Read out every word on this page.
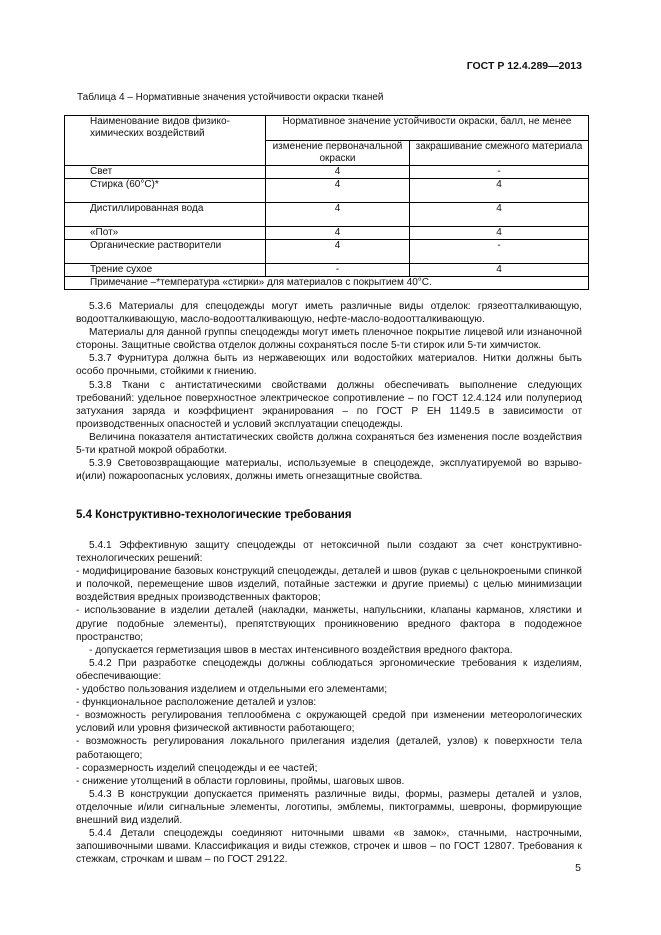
ГОСТ Р 12.4.289—2013
Таблица 4 – Нормативные значения устойчивости окраски тканей
Наименование видов физико-химических воздействий	Нормативное значение устойчивости окраски, балл, не менее	
	изменение первоначальной окраски	закрашивание смежного материала
Свет	4	-
Стирка (60°С)*	4	4
Дистиллированная вода	4	4
«Пот»	4	4
Органические растворители	4	-
Трение сухое	-	4
Примечание –*температура «стирки» для материалов с покрытием 40°С.		

5.3.6 Материалы для спецодежды могут иметь различные виды отделок: грязеотталкивающую, водоотталкивающую, масло-водоотталкивающую, нефте-масло-водоотталкивающую.

Материалы для данной группы спецодежды могут иметь пленочное покрытие лицевой или изнаночной стороны. Защитные свойства отделок должны сохраняться после 5-ти стирок или 5-ти химчисток.

5.3.7 Фурнитура должна быть из нержавеющих или водостойких материалов. Нитки должны быть особо прочными, стойкими к гниению.

5.3.8 Ткани с антистатическими свойствами должны обеспечивать выполнение следующих требований: удельное поверхностное электрическое сопротивление – по ГОСТ 12.4.124 или полупериод затухания заряда и коэффициент экранирования – по ГОСТ Р ЕН 1149.5 в зависимости от производственных опасностей и условий эксплуатации спецодежды.

Величина показателя антистатических свойств должна сохраняться без изменения после воздействия 5-ти кратной мокрой обработки.

5.3.9 Световозвращающие материалы, используемые в спецодежде, эксплуатируемой во взрыво- и(или) пожароопасных условиях, должны иметь огнезащитные свойства.

5.4 Конструктивно-технологические требования

5.4.1 Эффективную защиту спецодежды от нетоксичной пыли создают за счет конструктивно-технологических решений:

- модифицирование базовых конструкций спецодежды, деталей и швов (рукав с цельнокроеными спинкой и полочкой, перемещение швов изделий, потайные застежки и другие приемы) с целью минимизации воздействия вредных производственных факторов;

- использование в изделии деталей (накладки, манжеты, напульсники, клапаны карманов, хлястики и другие подобные элементы), препятствующих проникновению вредного фактора в пододежное пространство;

- допускается герметизация швов в местах интенсивного воздействия вредного фактора.

5.4.2 При разработке спецодежды должны соблюдаться эргономические требования к изделиям, обеспечивающие:

- удобство пользования изделием и отдельными его элементами;

- функциональное расположение деталей и узлов:

- возможность регулирования теплообмена с окружающей средой при изменении метеорологических условий или уровня физической активности работающего;

- возможность регулирования локального прилегания изделия (деталей, узлов) к поверхности тела работающего;

- соразмерность изделий спецодежды и ее частей;

- снижение утолщений в области горловины, проймы, шаговых швов.

5.4.3 В конструкции допускается применять различные виды, формы, размеры деталей и узлов, отделочные и/или сигнальные элементы, логотипы, эмблемы, пиктограммы, шевроны, формирующие внешний вид изделий.

5.4.4 Детали спецодежды соединяют ниточными швами «в замок», стачными, настрочными, запошивочными швами. Классификация и виды стежков, строчек и швов – по ГОСТ 12807. Требования к стежкам, строчкам и швам – по ГОСТ 29122.

5
